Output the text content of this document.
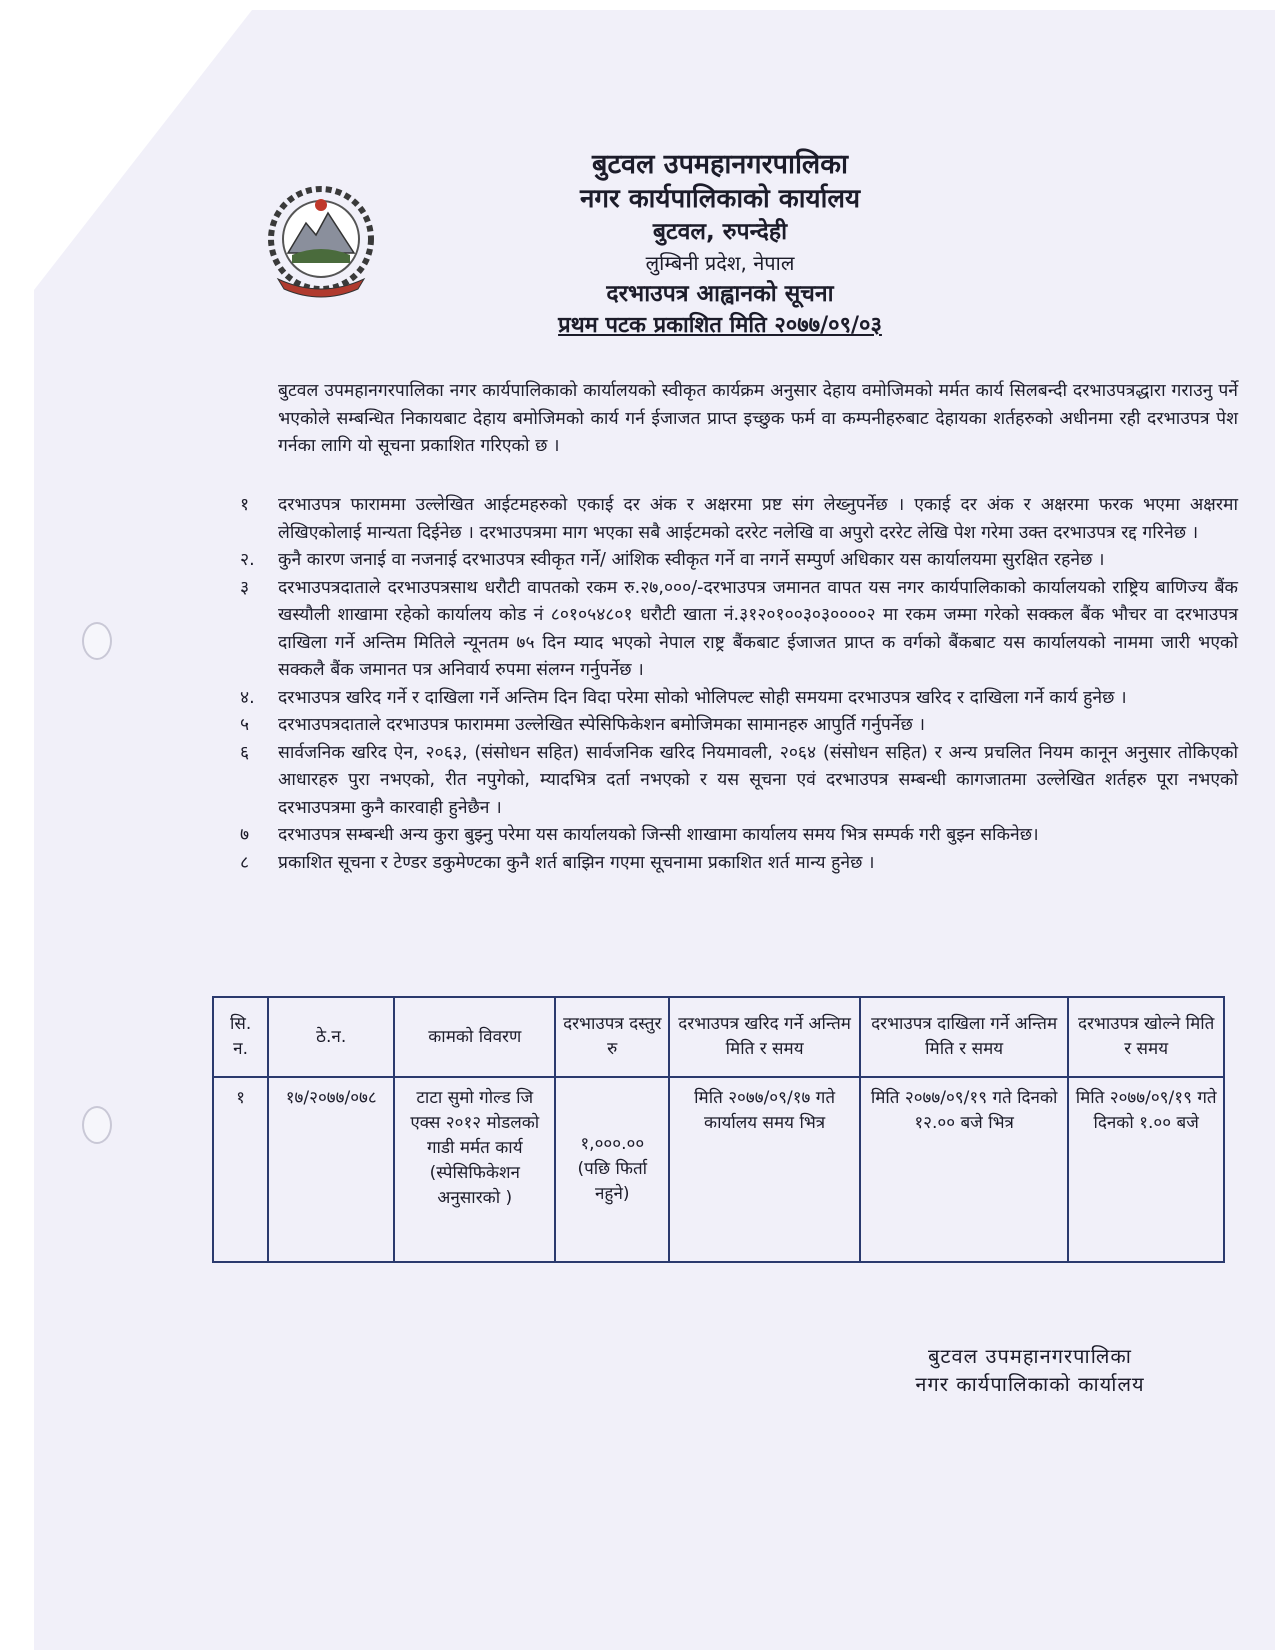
बुटवल उपमहानगरपालिका
नगर कार्यपालिकाको कार्यालय
बुटवल, रुपन्देही
लुम्बिनी प्रदेश, नेपाल
दरभाउपत्र आह्वानको सूचना
प्रथम पटक प्रकाशित मिति २०७७/०९/०३
बुटवल उपमहानगरपालिका नगर कार्यपालिकाको कार्यालयको स्वीकृत कार्यक्रम अनुसार देहाय वमोजिमको मर्मत कार्य सिलबन्दी दरभाउपत्रद्धारा गराउनु पर्ने भएकोले सम्बन्धित निकायबाट देहाय बमोजिमको कार्य गर्न ईजाजत प्राप्त इच्छुक फर्म वा कम्पनीहरुबाट देहायका शर्तहरुको अधीनमा रही दरभाउपत्र पेश गर्नका लागि यो सूचना प्रकाशित गरिएको छ ।
१ दरभाउपत्र फाराममा उल्लेखित आईटमहरुको एकाई दर अंक र अक्षरमा प्रष्ट संग लेख्नुपर्नेछ । एकाई दर अंक र अक्षरमा फरक भएमा अक्षरमा लेखिएकोलाई मान्यता दिईनेछ । दरभाउपत्रमा माग भएका सबै आईटमको दररेट नलेखि वा अपुरो दररेट लेखि पेश गरेमा उक्त दरभाउपत्र रद्द गरिनेछ ।
२. कुनै कारण जनाई वा नजनाई दरभाउपत्र स्वीकृत गर्ने/ आंशिक स्वीकृत गर्ने वा नगर्ने सम्पुर्ण अधिकार यस कार्यालयमा सुरक्षित रहनेछ ।
३ दरभाउपत्रदाताले दरभाउपत्रसाथ धरौटी वापतको रकम रु.२७,०००/-दरभाउपत्र जमानत वापत यस नगर कार्यपालिकाको कार्यालयको राष्ट्रिय बाणिज्य बैंक खस्यौली शाखामा रहेको कार्यालय कोड नं ८०१०५४८०१ धरौटी खाता नं.३१२०१००३०३००००२ मा रकम जम्मा गरेको सक्कल बैंक भौचर वा दरभाउपत्र दाखिला गर्ने अन्तिम मितिले न्यूनतम ७५ दिन म्याद भएको नेपाल राष्ट्र बैंकबाट ईजाजत प्राप्त क वर्गको बैंकबाट यस कार्यालयको नाममा जारी भएको सक्कलै बैंक जमानत पत्र अनिवार्य रुपमा संलग्न गर्नुपर्नेछ ।
४. दरभाउपत्र खरिद गर्ने र दाखिला गर्ने अन्तिम दिन विदा परेमा सोको भोलिपल्ट सोही समयमा दरभाउपत्र खरिद र दाखिला गर्ने कार्य हुनेछ ।
५ दरभाउपत्रदाताले दरभाउपत्र फाराममा उल्लेखित स्पेसिफिकेशन बमोजिमका सामानहरु आपुर्ति गर्नुपर्नेछ ।
६ सार्वजनिक खरिद ऐन, २०६३, (संसोधन सहित) सार्वजनिक खरिद नियमावली, २०६४ (संसोधन सहित) र अन्य प्रचलित नियम कानून अनुसार तोकिएको आधारहरु पुरा नभएको, रीत नपुगेको, म्यादभित्र दर्ता नभएको र यस सूचना एवं दरभाउपत्र सम्बन्धी कागजातमा उल्लेखित शर्तहरु पूरा नभएको दरभाउपत्रमा कुनै कारवाही हुनेछैन ।
७ दरभाउपत्र सम्बन्धी अन्य कुरा बुझ्नु परेमा यस कार्यालयको जिन्सी शाखामा कार्यालय समय भित्र सम्पर्क गरी बुझ्न सकिनेछ।
८ प्रकाशित सूचना र टेण्डर डकुमेण्टका कुनै शर्त बाझिन गएमा सूचनामा प्रकाशित शर्त मान्य हुनेछ ।
सि. न.	ठे.न.	कामको विवरण	दरभाउपत्र दस्तुर रु	दरभाउपत्र खरिद गर्ने अन्तिम मिति र समय	दरभाउपत्र दाखिला गर्ने अन्तिम मिति र समय	दरभाउपत्र खोल्ने मिति र समय
१	१७/२०७७/०७८	टाटा सुमो गोल्ड जि एक्स २०१२ मोडलको गाडी मर्मत कार्य (स्पेसिफिकेशन अनुसारको )	१,०००.०० (पछि फिर्ता नहुने)	मिति २०७७/०९/१७ गते कार्यालय समय भित्र	मिति २०७७/०९/१९ गते दिनको १२.०० बजे भित्र	मिति २०७७/०९/१९ गते दिनको १.०० बजे
बुटवल उपमहानगरपालिका
नगर कार्यपालिकाको कार्यालय
